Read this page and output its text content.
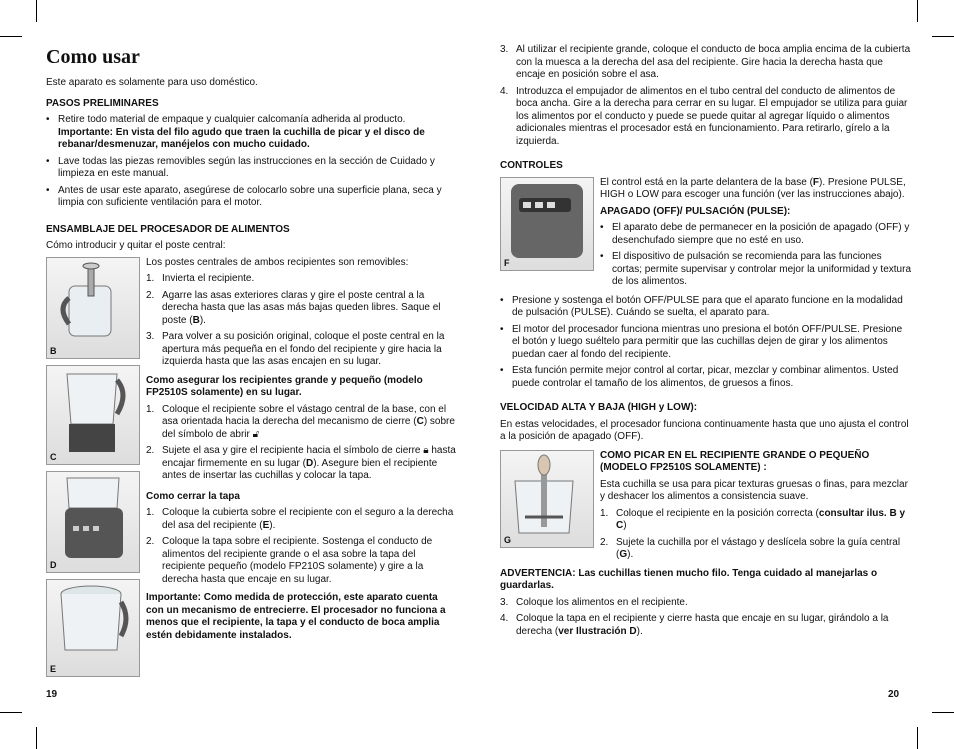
Como usar

Este aparato es solamente para uso doméstico.

PASOS PRELIMINARES

• Retire todo material de empaque y cualquier calcomanía adherida al producto. Importante: En vista del filo agudo que traen la cuchilla de picar y el disco de rebanar/desmenuzar, manéjelos con mucho cuidado.
• Lave todas las piezas removibles según las instrucciones en la sección de Cuidado y limpieza en este manual.
• Antes de usar este aparato, asegúrese de colocarlo sobre una superficie plana, seca y limpia con suficiente ventilación para el motor.

ENSAMBLAJE DEL PROCESADOR DE ALIMENTOS

Cómo introducir y quitar el poste central:

B
C
D
E

Los postes centrales de ambos recipientes son removibles:

1. Invierta el recipiente.
2. Agarre las asas exteriores claras y gire el poste central a la derecha hasta que las asas más bajas queden libres. Saque el poste (B).
3. Para volver a su posición original, coloque el poste central en la apertura más pequeña en el fondo del recipiente y gire hacia la izquierda hasta que las asas encajen en su lugar.

Como asegurar los recipientes grande y pequeño (modelo FP2510S solamente) en su lugar.

1. Coloque el recipiente sobre el vástago central de la base, con el asa orientada hacia la derecha del mecanismo de cierre (C) sobre del símbolo de abrir 🔓︎
2. Sujete el asa y gire el recipiente hacia el símbolo de cierre 🔒︎ hasta encajar firmemente en su lugar (D). Asegure bien el recipiente antes de insertar las cuchillas y colocar la tapa.

Como cerrar la tapa

1. Coloque la cubierta sobre el recipiente con el seguro a la derecha del asa del recipiente (E).
2. Coloque la tapa sobre el recipiente. Sostenga el conducto de alimentos del recipiente grande o el asa sobre la tapa del recipiente pequeño (modelo FP210S solamente) y gire a la derecha hasta que encaje en su lugar.

Importante: Como medida de protección, este aparato cuenta con un mecanismo de entrecierre. El procesador no funciona a menos que el recipiente, la tapa y el conducto de boca amplia estén debidamente instalados.

19
3. Al utilizar el recipiente grande, coloque el conducto de boca amplia encima de la cubierta con la muesca a la derecha del asa del recipiente. Gire hacia la derecha hasta que encaje en posición sobre el asa.
4. Introduzca el empujador de alimentos en el tubo central del conducto de alimentos de boca ancha. Gire a la derecha para cerrar en su lugar. El empujador se utiliza para guiar los alimentos por el conducto y puede se puede quitar al agregar líquido o alimentos adicionales mientras el procesador está en funcionamiento. Para retirarlo, gírelo a la izquierda.

CONTROLES

F

El control está en la parte delantera de la base (F). Presione PULSE, HIGH o LOW para escoger una función (ver las instrucciones abajo).

APAGADO (OFF)/ PULSACIÓN (PULSE):

• El aparato debe de permanecer en la posición de apagado (OFF) y desenchufado siempre que no esté en uso.
• El dispositivo de pulsación se recomienda para las funciones cortas; permite supervisar y controlar mejor la uniformidad y textura de los alimentos.
• Presione y sostenga el botón OFF/PULSE para que el aparato funcione en la modalidad de pulsación (PULSE). Cuándo se suelta, el aparato para.
• El motor del procesador funciona mientras uno presiona el botón OFF/PULSE. Presione el botón y luego suéltelo para permitir que las cuchillas dejen de girar y los alimentos puedan caer al fondo del recipiente.
• Esta función permite mejor control al cortar, picar, mezclar y combinar alimentos. Usted puede controlar el tamaño de los alimentos, de gruesos a finos.

VELOCIDAD ALTA Y BAJA (HIGH y LOW):

En estas velocidades, el procesador funciona continuamente hasta que uno ajusta el control a la posición de apagado (OFF).

G

COMO PICAR EN EL RECIPIENTE GRANDE O PEQUEÑO (MODELO FP2510S SOLAMENTE) :

Esta cuchilla se usa para picar texturas gruesas o finas, para mezclar y deshacer los alimentos a consistencia suave.

1. Coloque el recipiente en la posición correcta (consultar ilus. B y C)
2. Sujete la cuchilla por el vástago y deslícela sobre la guía central (G).

ADVERTENCIA: Las cuchillas tienen mucho filo. Tenga cuidado al manejarlas o guardarlas.

3. Coloque los alimentos en el recipiente.
4. Coloque la tapa en el recipiente y cierre hasta que encaje en su lugar, girándolo a la derecha (ver Ilustración D).
20
